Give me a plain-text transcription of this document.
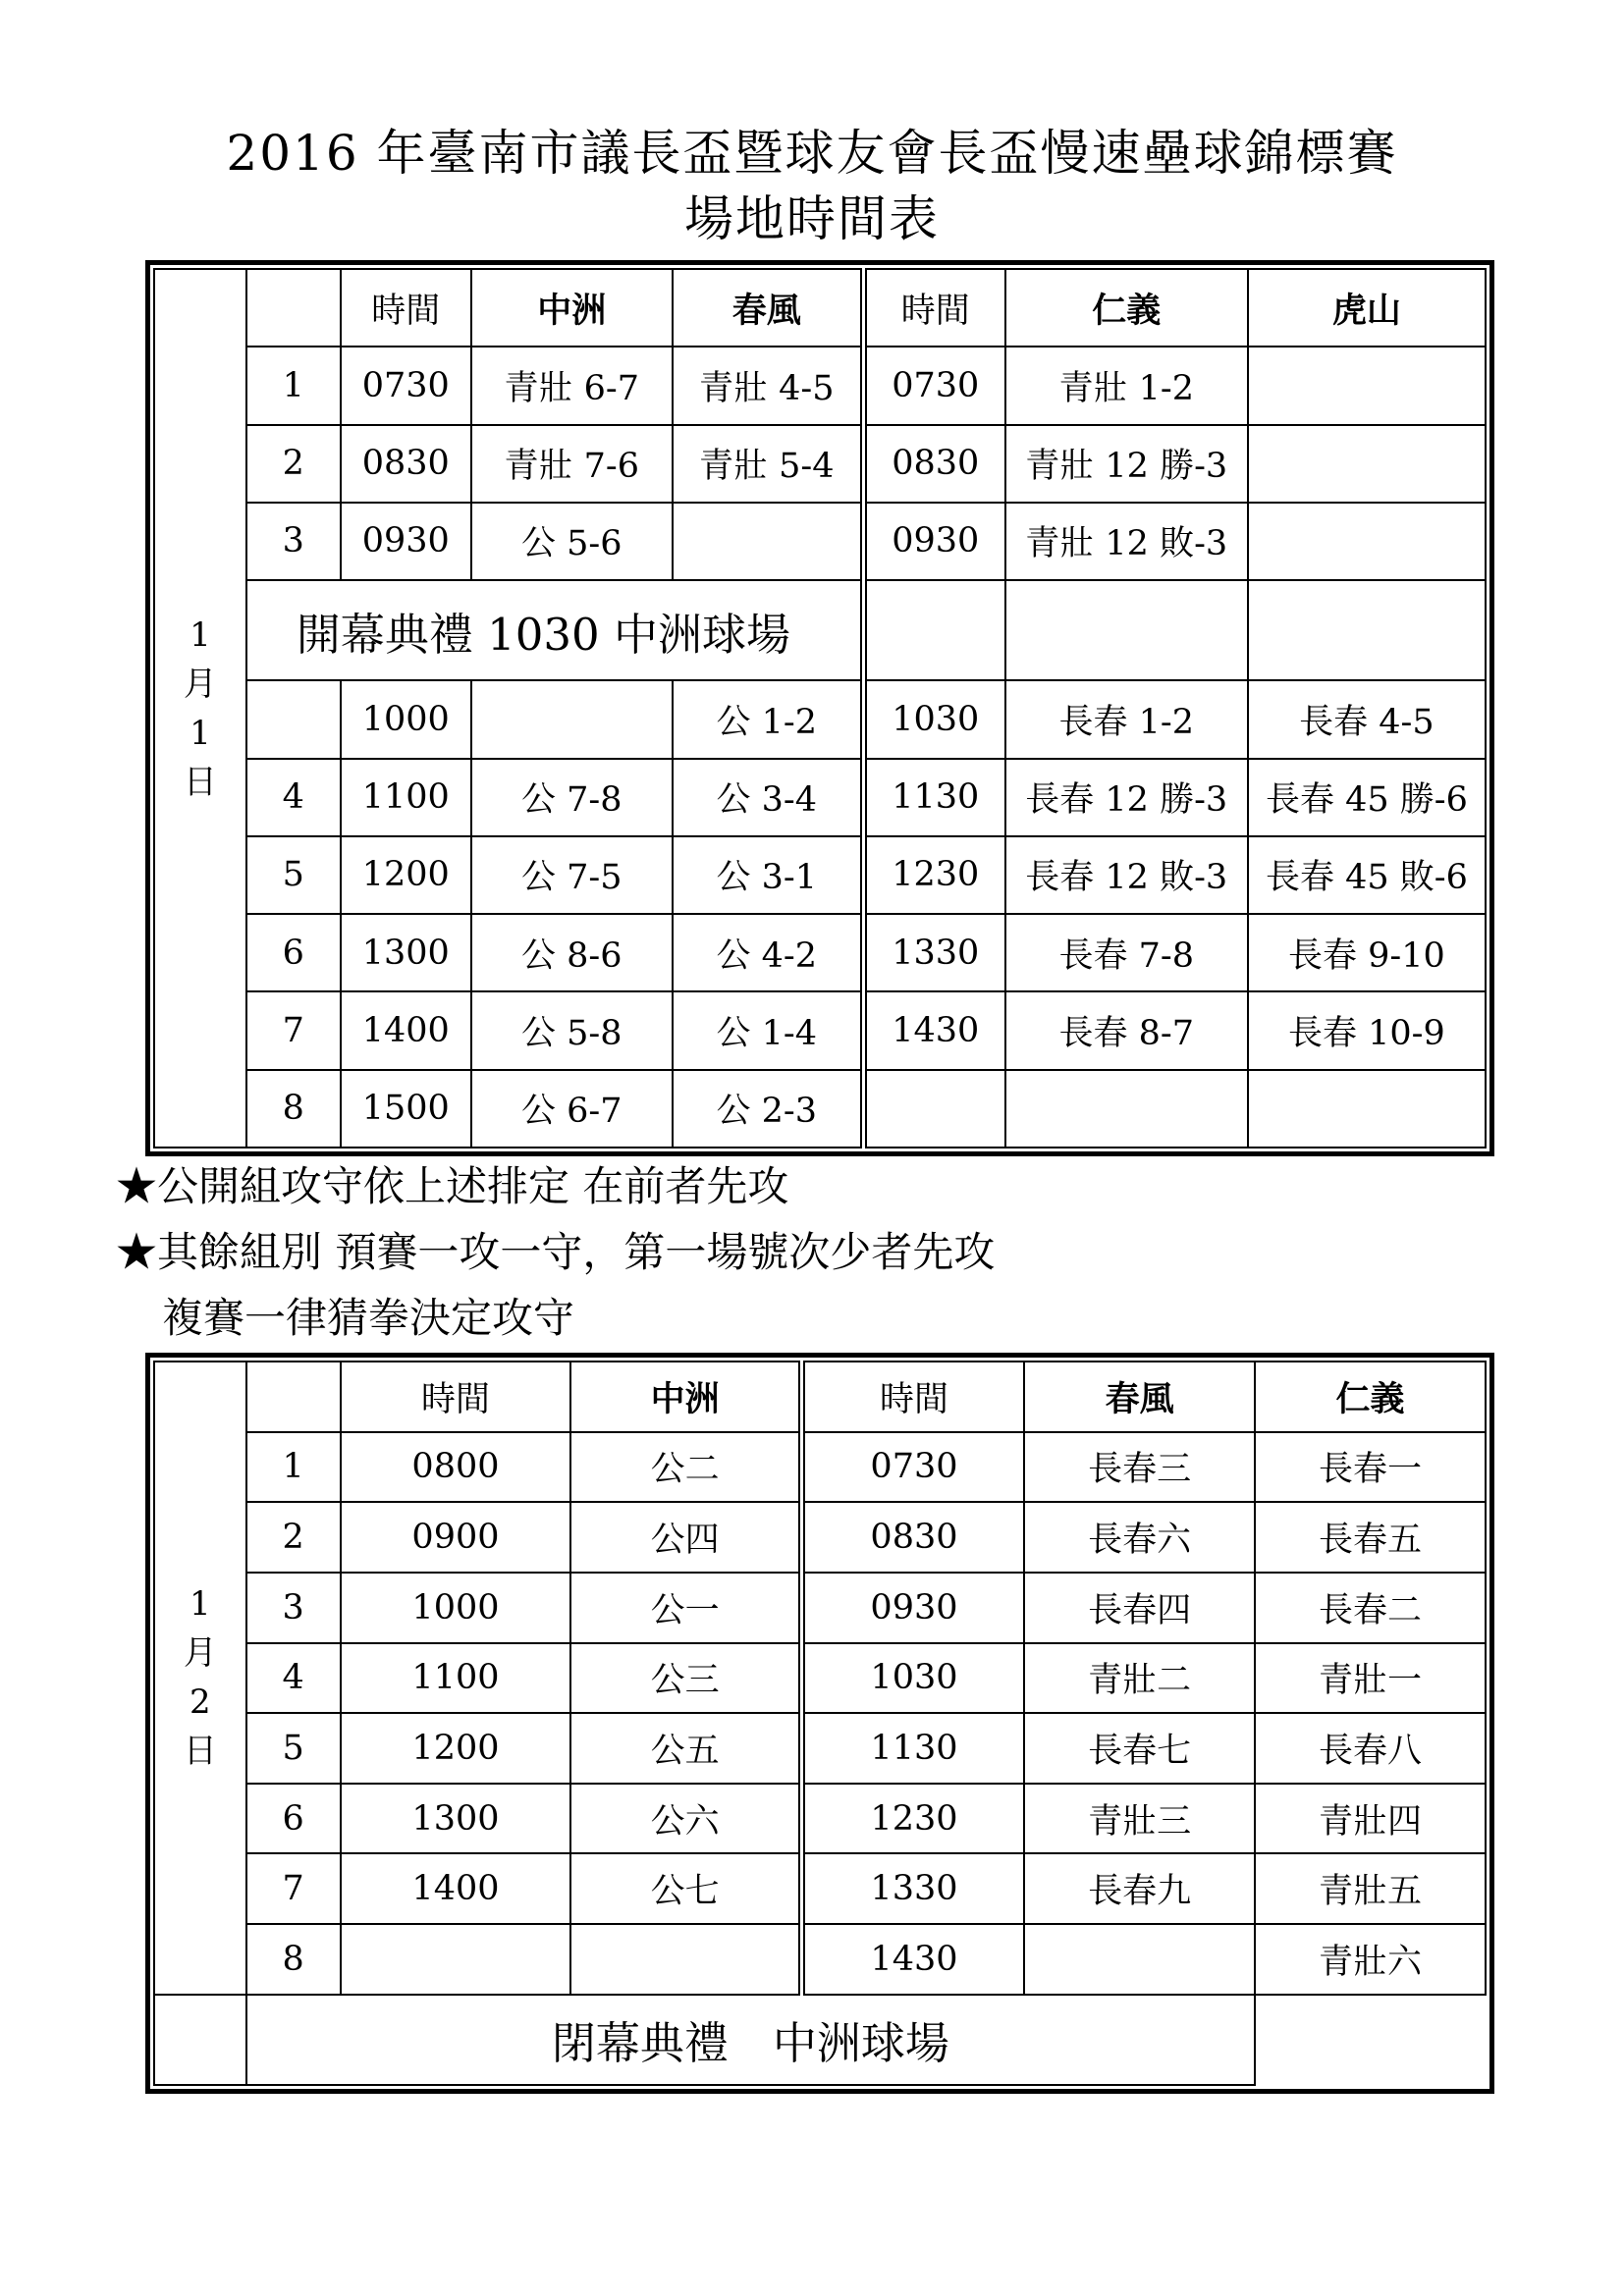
2016 年臺南市議長盃暨球友會長盃慢速壘球錦標賽
場地時間表
1
月
1
日		時間	中洲	春風	時間	仁義	虎山
	1	0730	青壯 6-7	青壯 4-5	0730	青壯 1-2	
	2	0830	青壯 7-6	青壯 5-4	0830	青壯 12 勝-3	
	3	0930	公 5-6		0930	青壯 12 敗-3	
	開幕典禮 1030 中洲球場						
		1000		公 1-2	1030	長春 1-2	長春 4-5
	4	1100	公 7-8	公 3-4	1130	長春 12 勝-3	長春 45 勝-6
	5	1200	公 7-5	公 3-1	1230	長春 12 敗-3	長春 45 敗-6
	6	1300	公 8-6	公 4-2	1330	長春 7-8	長春 9-10
	7	1400	公 5-8	公 1-4	1430	長春 8-7	長春 10-9
	8	1500	公 6-7	公 2-3			
★公開組攻守依上述排定 在前者先攻
★其餘組別 預賽一攻一守，第一場號次少者先攻
複賽一律猜拳決定攻守
1
月
2
日		時間	中洲	時間	春風	仁義
	1	0800	公二	0730	長春三	長春一
	2	0900	公四	0830	長春六	長春五
	3	1000	公一	0930	長春四	長春二
	4	1100	公三	1030	青壯二	青壯一
	5	1200	公五	1130	長春七	長春八
	6	1300	公六	1230	青壯三	青壯四
	7	1400	公七	1330	長春九	青壯五
	8			1430		青壯六
	閉幕典禮　中洲球場					
